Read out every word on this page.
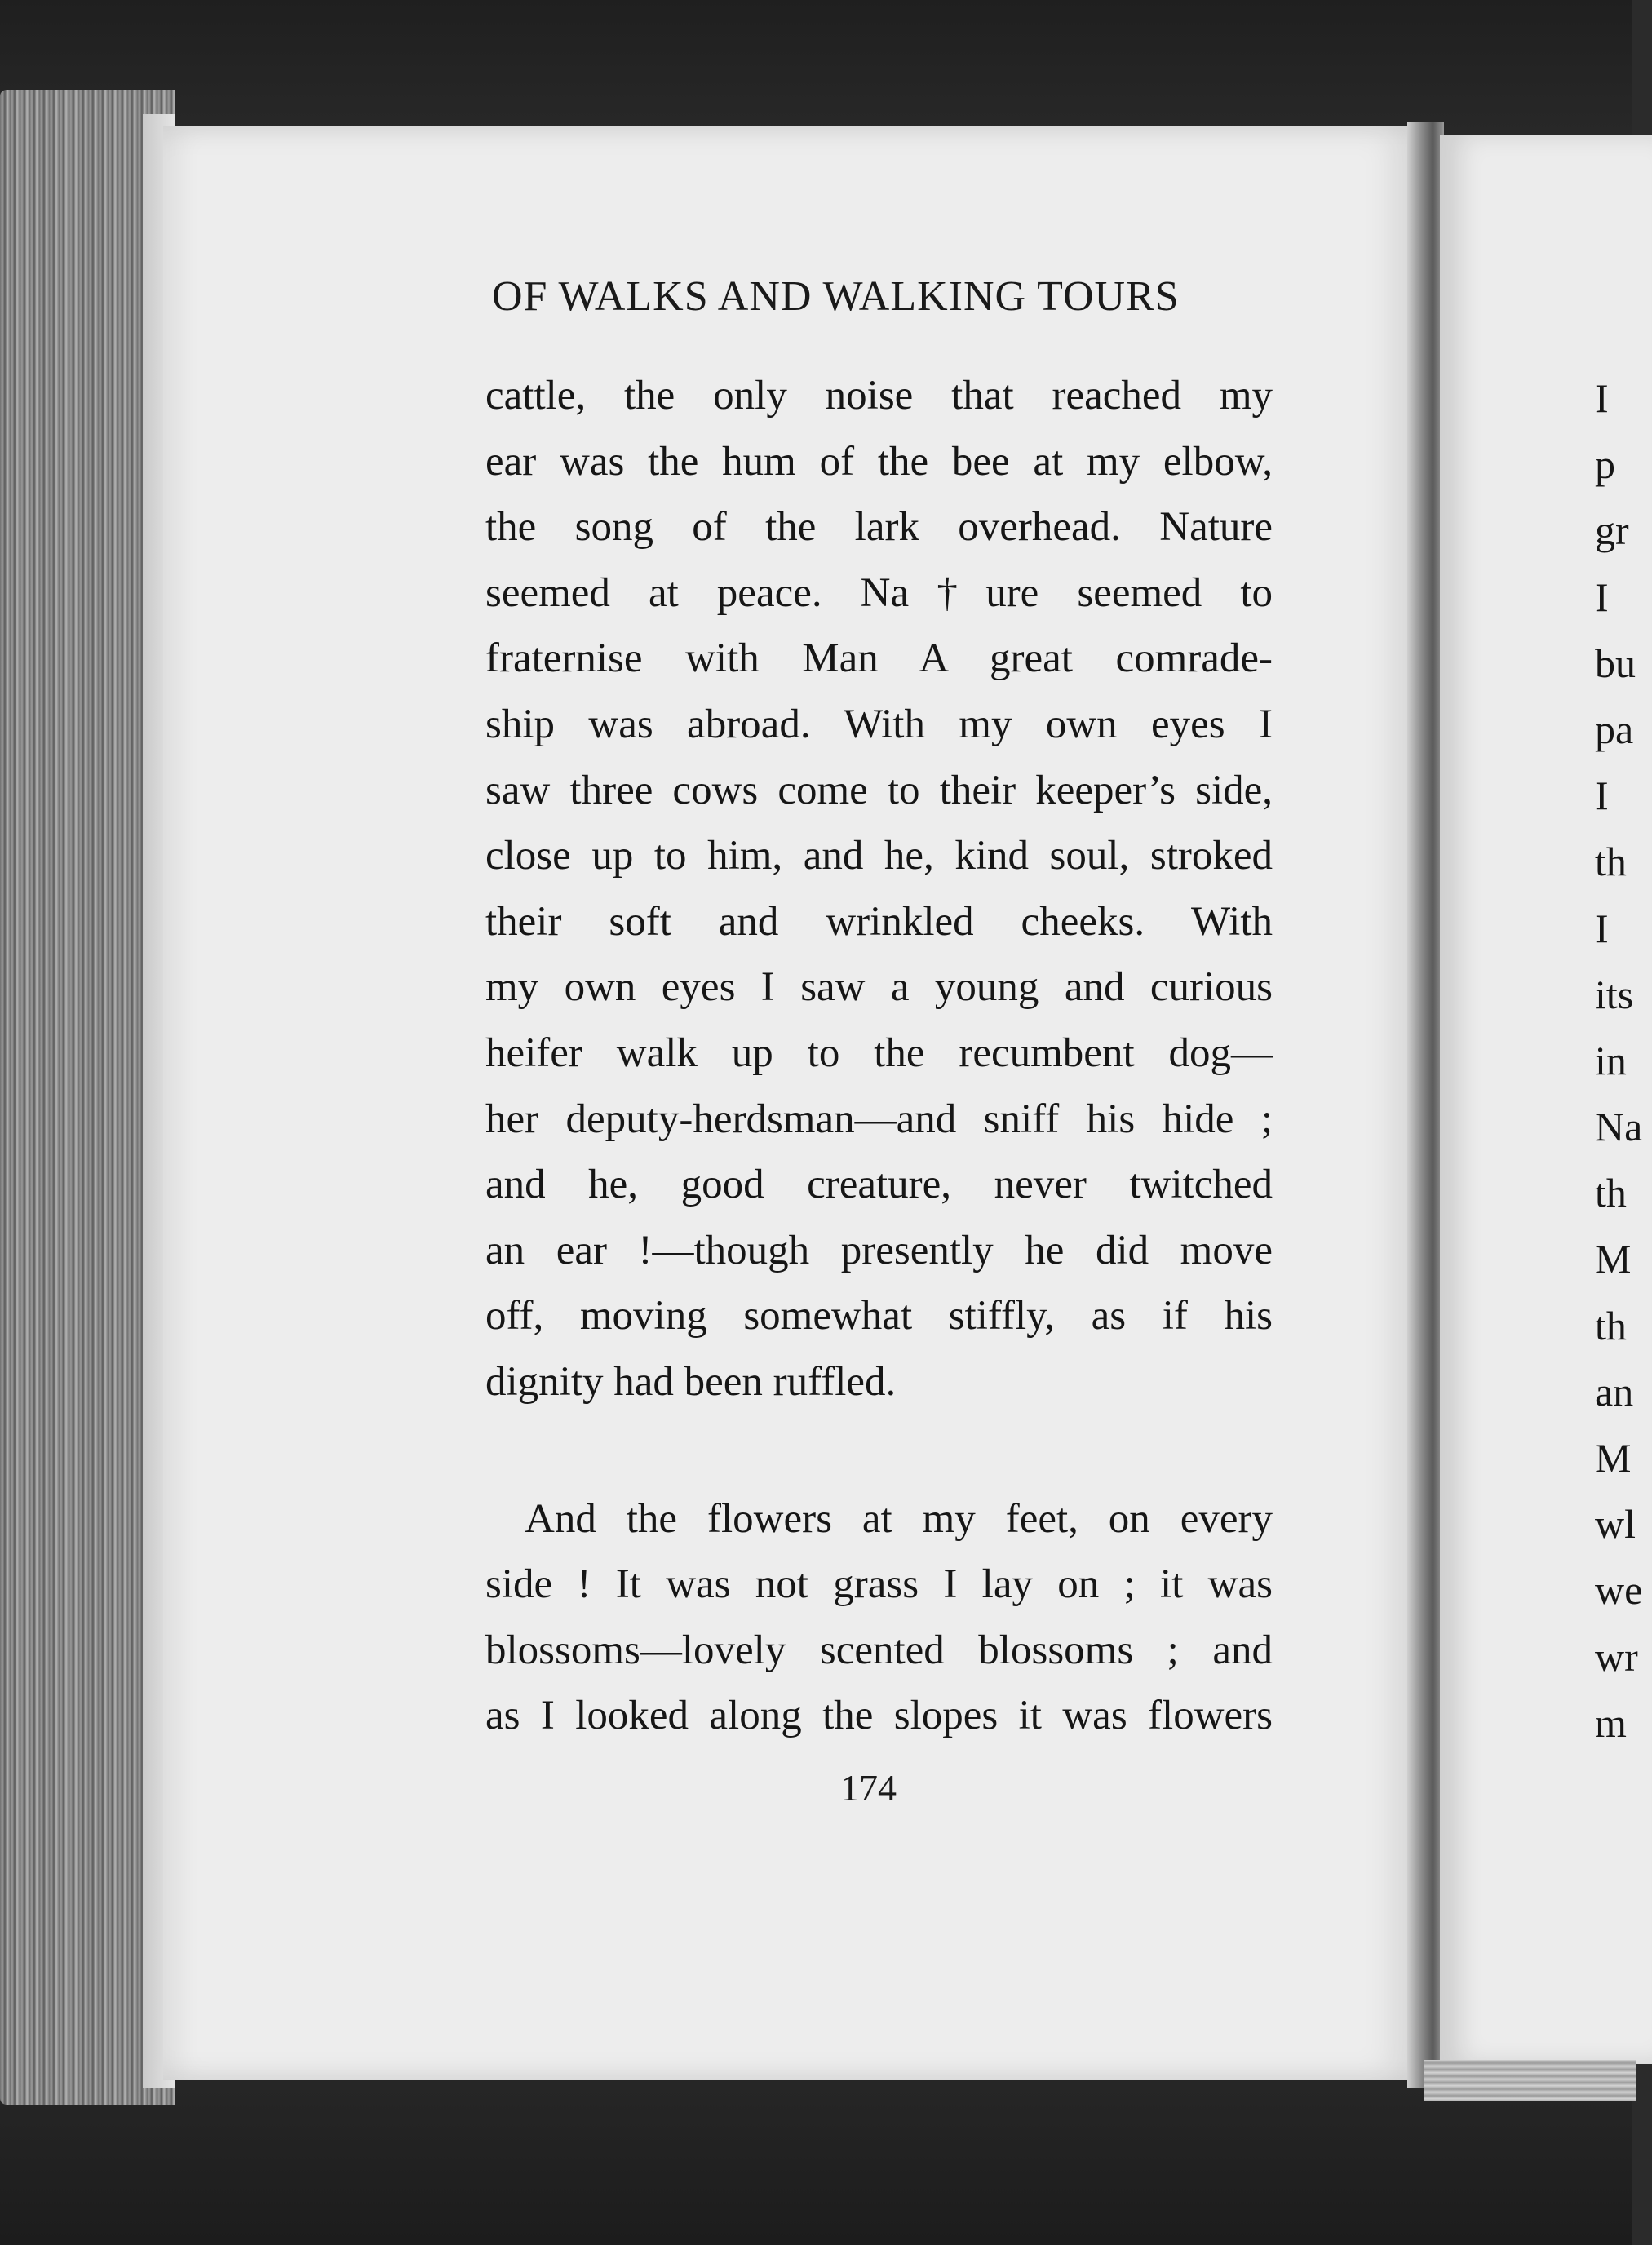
OF WALKS AND WALKING TOURS
cattle, the only noise that reached my
ear was the hum of the bee at my elbow,
the song of the lark overhead. Nature
seemed at peace. Na†ure seemed to
fraternise with Man A great comrade-
ship was abroad. With my own eyes I
saw three cows come to their keeper’s side,
close up to him, and he, kind soul, stroked
their soft and wrinkled cheeks. With
my own eyes I saw a young and curious
heifer walk up to the recumbent dog—
her deputy-herdsman—and sniff his hide ;
and he, good creature, never twitched
an ear !—though presently he did move
off, moving somewhat stiffly, as if his
dignity had been ruffled.
And the flowers at my feet, on every
side ! It was not grass I lay on ; it was
blossoms—lovely scented blossoms ; and
as I looked along the slopes it was flowers
174
I
p
gr
I
bu
pa
I
th
I
its
in
Na
th
M
th
an
M
wl
we
wr
m
